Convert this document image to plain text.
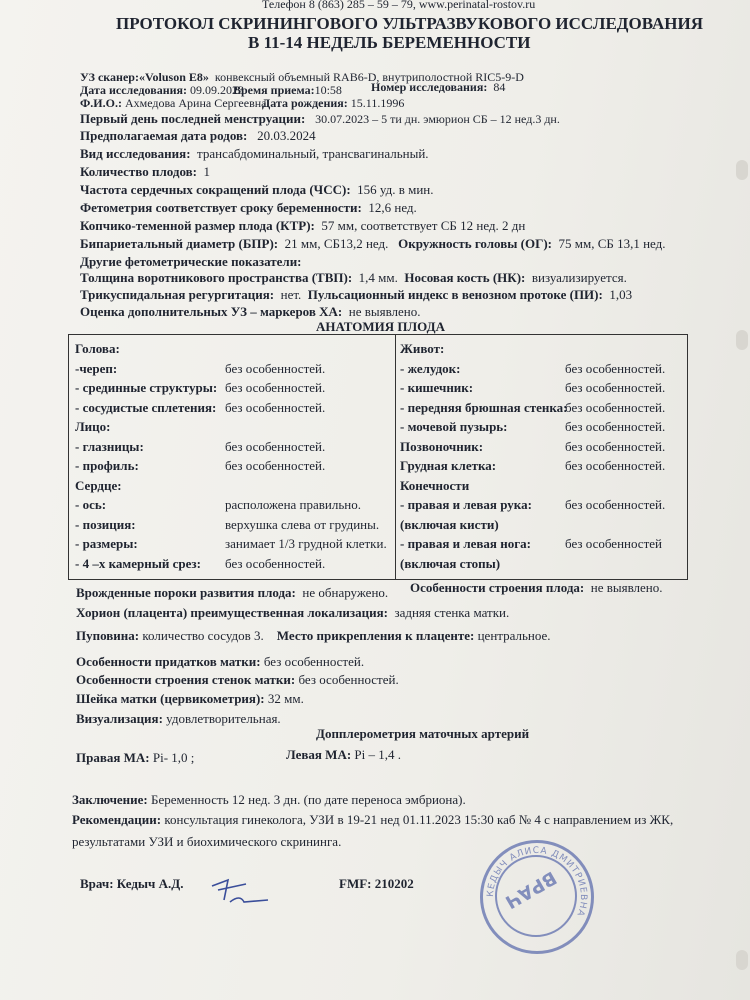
Телефон 8 (863) 285 – 59 – 79, www.perinatal-rostov.ru
ПРОТОКОЛ СКРИНИНГОВОГО УЛЬТРАЗВУКОВОГО ИССЛЕДОВАНИЯ
В 11-14 НЕДЕЛЬ БЕРЕМЕННОСТИ
УЗ сканер:«Voluson E8» конвексный объемный RAB6-D, внутриполостной RIC5-9-D
Дата исследования: 09.09.2023
Время приема:10:58 Номер исследования: 84
Ф.И.О.: Ахмедова Арина Сергеевна
Дата рождения: 15.11.1996
Первый день последней менструации: 30.07.2023 – 5 ти дн. эмюрион СБ – 12 нед.3 дн.
Предполагаемая дата родов: 20.03.2024
Вид исследования: трансабдоминальный, трансвагинальный.
Количество плодов: 1
Частота сердечных сокращений плода (ЧСС): 156 уд. в мин.
Фетометрия соответствует сроку беременности: 12,6 нед.
Копчико-теменной размер плода (КТР): 57 мм, соответствует СБ 12 нед. 2 дн
Бипариетальный диаметр (БПР): 21 мм, СБ13,2 нед. Окружность головы (ОГ): 75 мм, СБ 13,1 нед.
Другие фетометрические показатели:
Толщина воротникового пространства (ТВП): 1,4 мм. Носовая кость (НК): визуализируется.
Трикуспидальная регургитация: нет. Пульсационный индекс в венозном протоке (ПИ): 1,03
Оценка дополнительных УЗ – маркеров ХА: не выявлено.
АНАТОМИЯ ПЛОДА
Голова:
-череп:	без особенностей.
- срединные структуры: без особенностей.
- сосудистые сплетения: без особенностей.
Лицо:
- глазницы:	без особенностей.
- профиль:	без особенностей.
Сердце:
- ось:	расположена правильно.
- позиция:	верхушка слева от грудины.
- размеры:	занимает 1/3 грудной клетки.
- 4 –х камерный срез: без особенностей.
Живот:
- желудок:	без особенностей.
- кишечник:	без особенностей.
- передняя брюшная стенка:
без особенностей.
- мочевой пузырь:	без особенностей.
Позвоночник:	без особенностей.
Грудная клетка:	без особенностей.
Конечности
- правая и левая рука:	без особенностей.
(включая кисти)
- правая и левая нога:	без особенностей
(включая стопы)
Врожденные пороки развития плода: не обнаружено. Особенности строения плода: не выявлено.
Хорион (плацента) преимущественная локализация: задняя стенка матки.
Пуповина: количество сосудов 3. Место прикрепления к плаценте: центральное.
Особенности придатков матки: без особенностей.
Особенности строения стенок матки: без особенностей.
Шейка матки (цервикометрия): 32 мм.
Визуализация: удовлетворительная.
Допплерометрия маточных артерий
Правая МА: Pi- 1,0 ;	Левая МА: Pi – 1,4 .
Заключение: Беременность 12 нед. 3 дн. (по дате переноса эмбриона).
Рекомендации: консультация гинеколога, УЗИ в 19-21 нед 01.11.2023 15:30 каб № 4 с направлением из ЖК,
результатами УЗИ и биохимического скрининга.
Врач: Кедыч А.Д.	FMF: 210202
КЕДЫЧ АЛИСА ДМИТРИЕВНА
ВРАЧ
